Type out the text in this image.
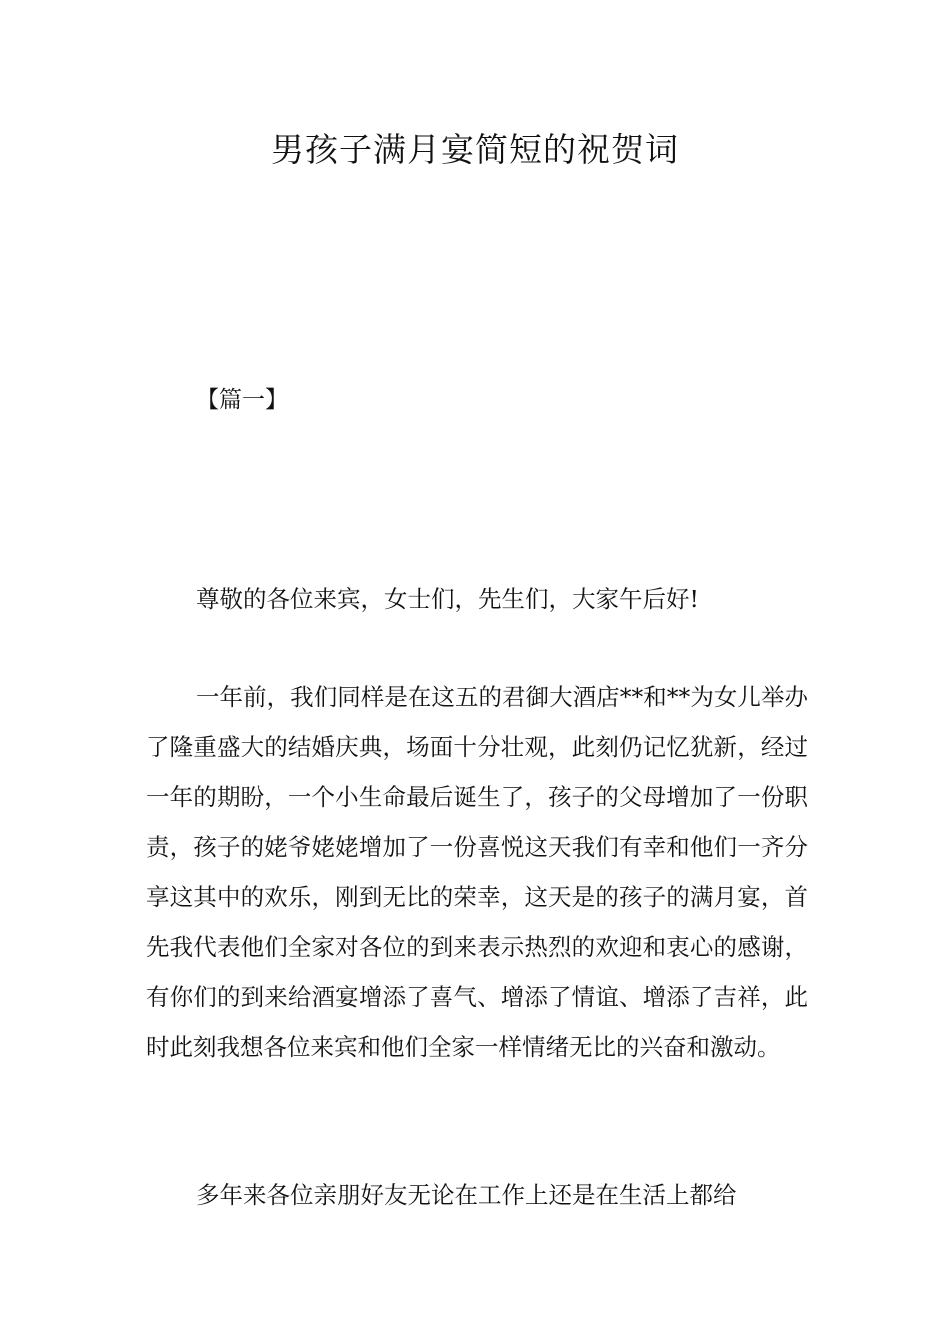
男孩子满月宴简短的祝贺词

【篇一】

尊敬的各位来宾，女士们，先生们，大家午后好!

一年前，我们同样是在这五的君御大酒店**和**为女儿举办了隆重盛大的结婚庆典，场面十分壮观，此刻仍记忆犹新，经过一年的期盼，一个小生命最后诞生了，孩子的父母增加了一份职责，孩子的姥爷姥姥增加了一份喜悦这天我们有幸和他们一齐分享这其中的欢乐，刚到无比的荣幸，这天是的孩子的满月宴，首先我代表他们全家对各位的到来表示热烈的欢迎和衷心的感谢，有你们的到来给酒宴增添了喜气、增添了情谊、增添了吉祥，此时此刻我想各位来宾和他们全家一样情绪无比的兴奋和激动。

多年来各位亲朋好友无论在工作上还是在生活上都给
